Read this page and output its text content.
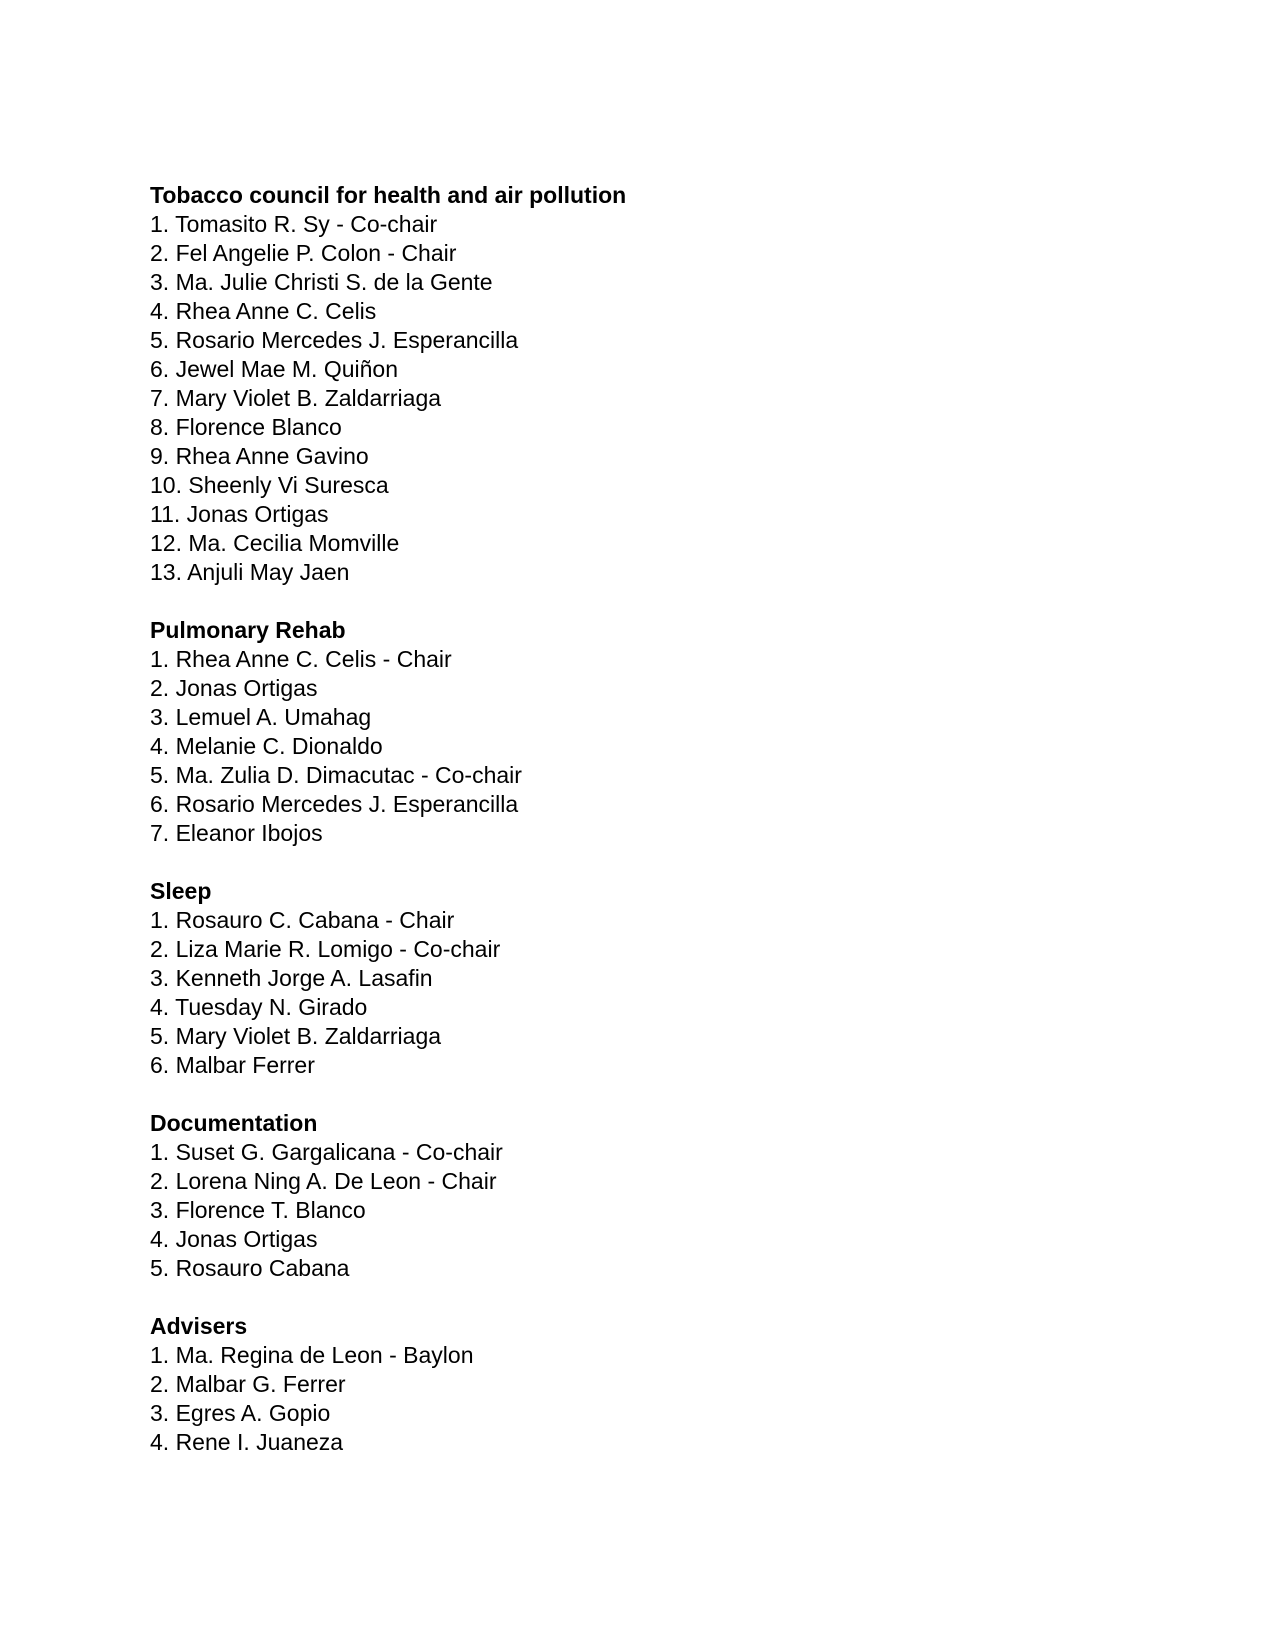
Tobacco council for health and air pollution

1. Tomasito R. Sy - Co-chair
2. Fel Angelie P. Colon - Chair
3. Ma. Julie Christi S. de la Gente
4. Rhea Anne C. Celis
5. Rosario Mercedes J. Esperancilla
6. Jewel Mae M. Quiñon
7. Mary Violet B. Zaldarriaga
8. Florence Blanco
9. Rhea Anne Gavino
10. Sheenly Vi Suresca
11. Jonas Ortigas
12. Ma. Cecilia Momville
13. Anjuli May Jaen

Pulmonary Rehab

1. Rhea Anne C. Celis - Chair
2. Jonas Ortigas
3. Lemuel A. Umahag
4. Melanie C. Dionaldo
5. Ma. Zulia D. Dimacutac - Co-chair
6. Rosario Mercedes J. Esperancilla
7. Eleanor Ibojos

Sleep

1. Rosauro C. Cabana - Chair
2. Liza Marie R. Lomigo - Co-chair
3. Kenneth Jorge A. Lasafin
4. Tuesday N. Girado
5. Mary Violet B. Zaldarriaga
6. Malbar Ferrer

Documentation

1. Suset G. Gargalicana - Co-chair
2. Lorena Ning A. De Leon - Chair
3. Florence T. Blanco
4. Jonas Ortigas
5. Rosauro Cabana

Advisers

1. Ma. Regina de Leon - Baylon
2. Malbar G. Ferrer
3. Egres A. Gopio
4. Rene I. Juaneza
